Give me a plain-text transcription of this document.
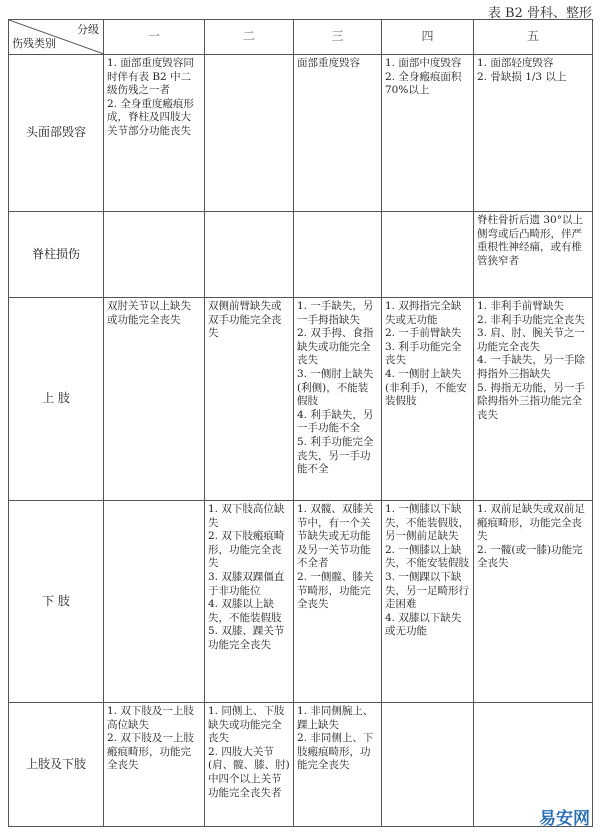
表 B2 骨科、整形
分级
伤残类别	一	二	三	四	五
头面部毁容	1. 面部重度毁容同时伴有表 B2 中二级伤残之一者
2. 全身重度瘢痕形成，脊柱及四肢大关节部分功能丧失		面部重度毁容	1. 面部中度毁容
2. 全身瘢痕面积 70%以上	1. 面部轻度毁容
2. 骨缺损 1/3 以上

脊柱损伤					脊柱骨折后遗 30°以上侧弯或后凸畸形，伴严重根性神经痛，或有椎管狭窄者

上 肢	双肘关节以上缺失或功能完全丧失	双侧前臂缺失或双手功能完全丧失	1. 一手缺失，另一手拇指缺失
2. 双手拇、食指缺失或功能完全丧失
3. 一侧肘上缺失(利侧)，不能装假肢
4. 利手缺失，另一手功能不全
5. 利手功能完全丧失，另一手功能不全	1. 双拇指完全缺失或无功能
2. 一手前臂缺失
3. 利手功能完全丧失
4. 一侧肘上缺失(非利手)，不能安装假肢	1. 非利手前臂缺失
2. 非利手功能完全丧失
3. 肩、肘、腕关节之一功能完全丧失
4. 一手缺失，另一手除拇指外三指缺失
5. 拇指无功能，另一手除拇指外三指功能完全丧失

下 肢		1. 双下肢高位缺失
2. 双下肢瘢痕畸形，功能完全丧失
3. 双膝双踝僵直于非功能位
4. 双膝以上缺失，不能装假肢
5. 双膝、踝关节功能完全丧失	1. 双髋、双膝关节中，有一个关节缺失或无功能及另一关节功能不全者
2. 一侧髋、膝关节畸形，功能完全丧失	1. 一侧膝以下缺失，不能装假肢，另一侧前足缺失
2. 一侧膝以上缺失，不能安装假肢
3. 一侧踝以下缺失，另一足畸形行走困难
4. 双膝以下缺失或无功能	1. 双前足缺失或双前足瘢痕畸形，功能完全丧失
2. 一髋(或一膝)功能完全丧失

上肢及下肢	1. 双下肢及一上肢高位缺失
2. 双下肢及一上肢瘢痕畸形，功能完全丧失	1. 同侧上、下肢缺失或功能完全丧失
2. 四肢大关节(肩、髋、膝、肘)中四个以上关节功能完全丧失者	1. 非同侧腕上、踝上缺失
2. 非同侧上、下肢瘢痕畸形，功能完全丧失		

易安网
